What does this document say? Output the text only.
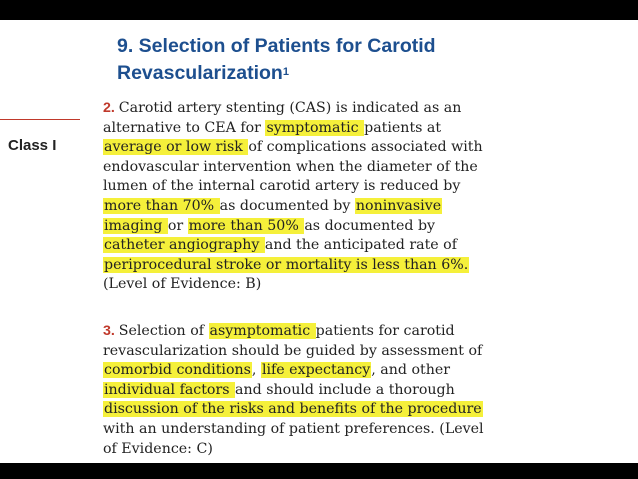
9. Selection of Patients for Carotid
Revascularization$^1$
Class I

2. Carotid artery stenting (CAS) is indicated as an
alternative to CEA for symptomatic patients at
average or low risk of complications associated with
endovascular intervention when the diameter of the
lumen of the internal carotid artery is reduced by
more than 70% as documented by noninvasive
imaging or more than 50% as documented by
catheter angiography and the anticipated rate of
periprocedural stroke or mortality is less than 6%.
(Level of Evidence: B)

3. Selection of asymptomatic patients for carotid
revascularization should be guided by assessment of
comorbid conditions, life expectancy, and other
individual factors and should include a thorough
discussion of the risks and benefits of the procedure
with an understanding of patient preferences. (Level
of Evidence: C)
